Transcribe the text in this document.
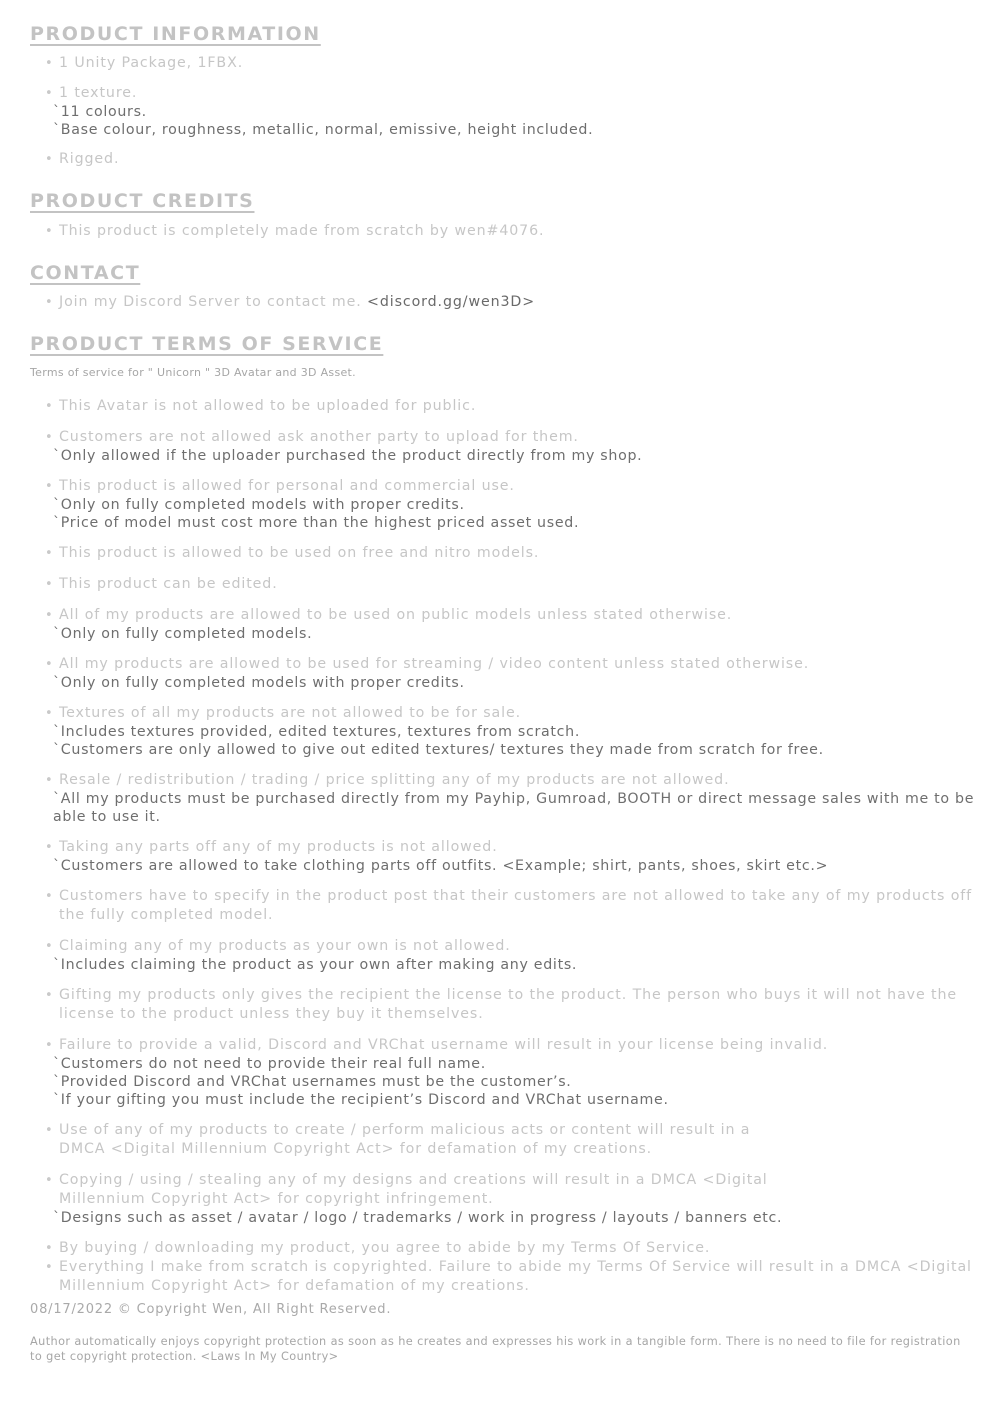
PRODUCT INFORMATION
• 1 Unity Package, 1FBX.
• 1 texture.
`11 colours.
`Base colour, roughness, metallic, normal, emissive, height included.
• Rigged.
PRODUCT CREDITS
• This product is completely made from scratch by wen#4076.
CONTACT
• Join my Discord Server to contact me. <discord.gg/wen3D>
PRODUCT TERMS OF SERVICE
Terms of service for " Unicorn " 3D Avatar and 3D Asset.
• This Avatar is not allowed to be uploaded for public.
• Customers are not allowed ask another party to upload for them.
`Only allowed if the uploader purchased the product directly from my shop.
• This product is allowed for personal and commercial use.
`Only on fully completed models with proper credits.
`Price of model must cost more than the highest priced asset used.
• This product is allowed to be used on free and nitro models.
• This product can be edited.
• All of my products are allowed to be used on public models unless stated otherwise.
`Only on fully completed models.
• All my products are allowed to be used for streaming / video content unless stated otherwise.
`Only on fully completed models with proper credits.
• Textures of all my products are not allowed to be for sale.
`Includes textures provided, edited textures, textures from scratch.
`Customers are only allowed to give out edited textures/ textures they made from scratch for free.
• Resale / redistribution / trading / price splitting any of my products are not allowed.
`All my products must be purchased directly from my Payhip, Gumroad, BOOTH or direct message sales with me to be able to use it.
• Taking any parts off any of my products is not allowed.
`Customers are allowed to take clothing parts off outfits. <Example; shirt, pants, shoes, skirt etc.>
• Customers have to specify in the product post that their customers are not allowed to take any of my products off the fully completed model.
• Claiming any of my products as your own is not allowed.
`Includes claiming the product as your own after making any edits.
• Gifting my products only gives the recipient the license to the product. The person who buys it will not have the license to the product unless they buy it themselves.
• Failure to provide a valid, Discord and VRChat username will result in your license being invalid.
`Customers do not need to provide their real full name.
`Provided Discord and VRChat usernames must be the customer’s.
`If your gifting you must include the recipient’s Discord and VRChat username.
• Use of any of my products to create / perform malicious acts or content will result in a DMCA <Digital Millennium Copyright Act> for defamation of my creations.
• Copying / using / stealing any of my designs and creations will result in a DMCA <Digital Millennium Copyright Act> for copyright infringement.
`Designs such as asset / avatar / logo / trademarks / work in progress / layouts / banners etc.
• By buying / downloading my product, you agree to abide by my Terms Of Service.
• Everything I make from scratch is copyrighted. Failure to abide my Terms Of Service will result in a DMCA <Digital Millennium Copyright Act> for defamation of my creations.
08/17/2022 © Copyright Wen, All Right Reserved.
Author automatically enjoys copyright protection as soon as he creates and expresses his work in a tangible form. There is no need to file for registration to get copyright protection. <Laws In My Country>
